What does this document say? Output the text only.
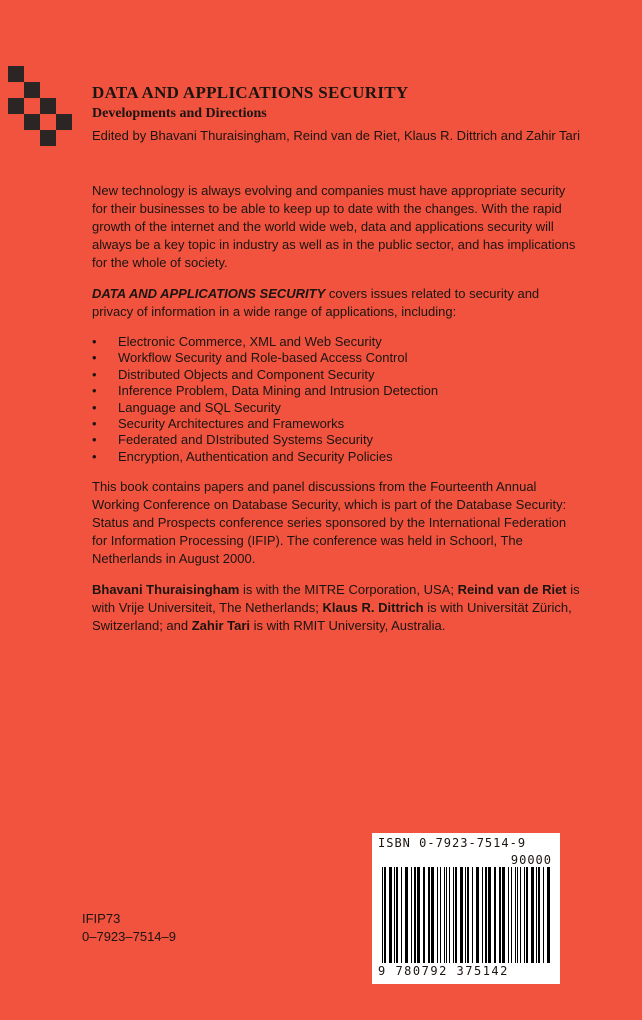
DATA AND APPLICATIONS SECURITY
Developments and Directions

Edited by Bhavani Thuraisingham, Reind van de Riet, Klaus R. Dittrich and Zahir Tari

New technology is always evolving and companies must have appropriate security for their businesses to be able to keep up to date with the changes. With the rapid growth of the internet and the world wide web, data and applications security will always be a key topic in industry as well as in the public sector, and has implications for the whole of society.

DATA AND APPLICATIONS SECURITY covers issues related to security and privacy of information in a wide range of applications, including:

• Electronic Commerce, XML and Web Security
• Workflow Security and Role-based Access Control
• Distributed Objects and Component Security
• Inference Problem, Data Mining and Intrusion Detection
• Language and SQL Security
• Security Architectures and Frameworks
• Federated and DIstributed Systems Security
• Encryption, Authentication and Security Policies

This book contains papers and panel discussions from the Fourteenth Annual Working Conference on Database Security, which is part of the Database Security: Status and Prospects conference series sponsored by the International Federation for Information Processing (IFIP). The conference was held in Schoorl, The Netherlands in August 2000.

Bhavani Thuraisingham is with the MITRE Corporation, USA; Reind van de Riet is with Vrije Universiteit, The Netherlands; Klaus R. Dittrich is with Universität Zürich, Switzerland; and Zahir Tari is with RMIT University, Australia.

IFIP73
0–7923–7514–9
ISBN 0-7923-7514-9
90000
9 780792 375142
